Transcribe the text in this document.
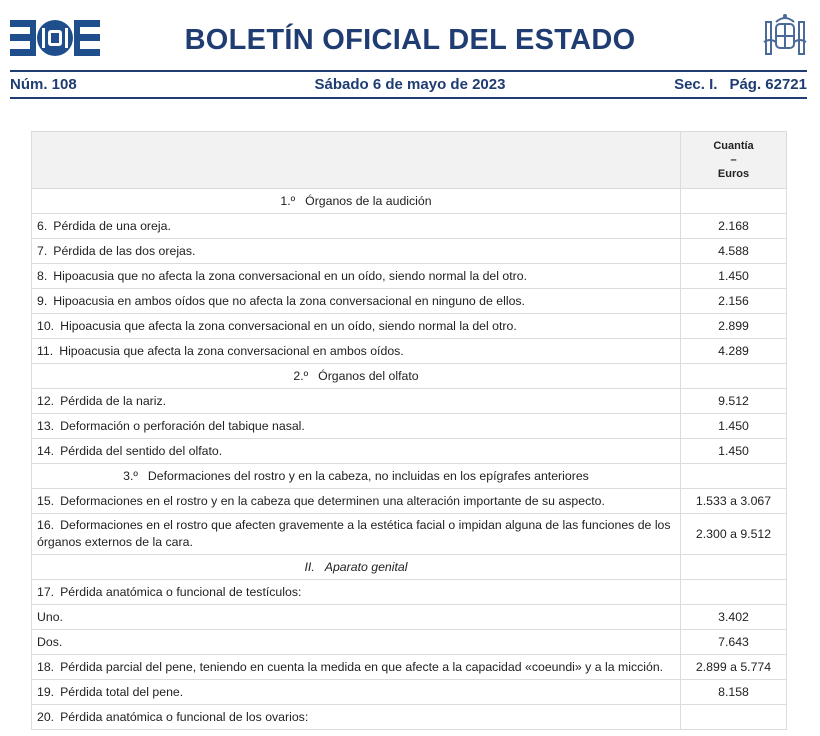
BOLETÍN OFICIAL DEL ESTADO
Núm. 108	Sábado 6 de mayo de 2023	Sec. I. Pág. 62721

	Cuantía
–
Euros

1.º Órganos de la audición	
6. Pérdida de una oreja.	2.168
7. Pérdida de las dos orejas.	4.588
8. Hipoacusia que no afecta la zona conversacional en un oído, siendo normal la del otro.	1.450
9. Hipoacusia en ambos oídos que no afecta la zona conversacional en ninguno de ellos.	2.156
10. Hipoacusia que afecta la zona conversacional en un oído, siendo normal la del otro.	2.899
11. Hipoacusia que afecta la zona conversacional en ambos oídos.	4.289
2.º Órganos del olfato	
12. Pérdida de la nariz.	9.512
13. Deformación o perforación del tabique nasal.	1.450
14. Pérdida del sentido del olfato.	1.450
3.º Deformaciones del rostro y en la cabeza, no incluidas en los epígrafes anteriores	
15. Deformaciones en el rostro y en la cabeza que determinen una alteración importante de su aspecto.	1.533 a 3.067
16. Deformaciones en el rostro que afecten gravemente a la estética facial o impidan alguna de las funciones de los órganos externos de la cara.	2.300 a 9.512
II. Aparato genital	
17. Pérdida anatómica o funcional de testículos:	
Uno.	3.402
Dos.	7.643
18. Pérdida parcial del pene, teniendo en cuenta la medida en que afecte a la capacidad «coeundi» y a la micción.	2.899 a 5.774
19. Pérdida total del pene.	8.158
20. Pérdida anatómica o funcional de los ovarios:	
